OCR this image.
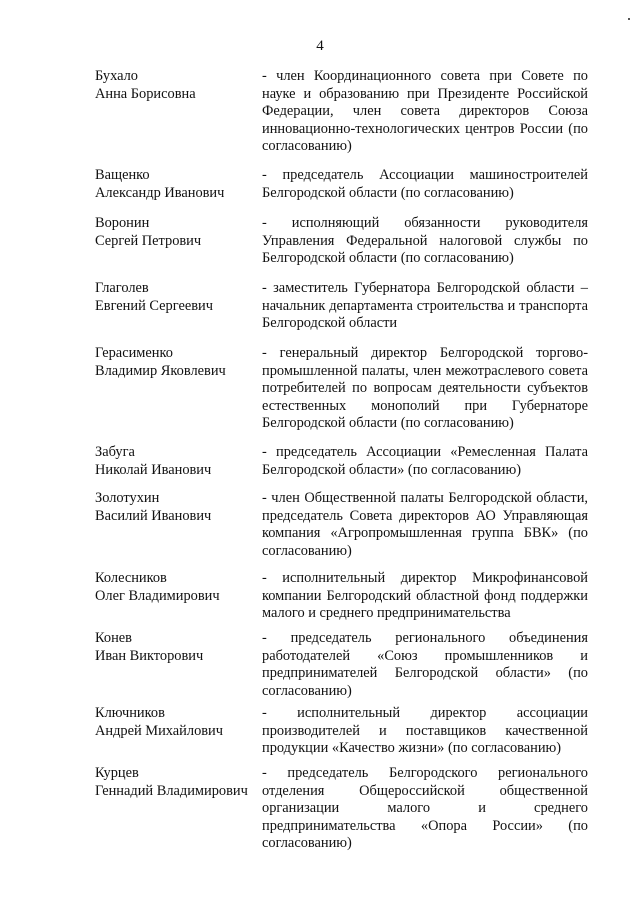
4
Бухало
Анна Борисовна
- член Координационного совета при Совете по науке и образованию при Президенте Российской Федерации, член совета директоров Союза инновационно-технологических центров России (по согласованию)
Ващенко
Александр Иванович
- председатель Ассоциации машиностроителей Белгородской области (по согласованию)
Воронин
Сергей Петрович
- исполняющий обязанности руководителя Управления Федеральной налоговой службы по Белгородской области (по согласованию)
Глаголев
Евгений Сергеевич
- заместитель Губернатора Белгородской области – начальник департамента строительства и транспорта Белгородской области
Герасименко
Владимир Яковлевич
- генеральный директор Белгородской торгово-промышленной палаты, член межотраслевого совета потребителей по вопросам деятельности субъектов естественных монополий при Губернаторе Белгородской области (по согласованию)
Забуга
Николай Иванович
- председатель Ассоциации «Ремесленная Палата Белгородской области» (по согласованию)
Золотухин
Василий Иванович
- член Общественной палаты Белгородской области, председатель Совета директоров АО Управляющая компания «Агропромышленная группа БВК» (по согласованию)
Колесников
Олег Владимирович
- исполнительный директор Микрофинансовой компании Белгородский областной фонд поддержки малого и среднего предпринимательства
Конев
Иван Викторович
- председатель регионального объединения работодателей «Союз промышленников и предпринимателей Белгородской области» (по согласованию)
Ключников
Андрей Михайлович
- исполнительный директор ассоциации производителей и поставщиков качественной продукции «Качество жизни» (по согласованию)
Курцев
Геннадий Владимирович
- председатель Белгородского регионального отделения Общероссийской общественной организации малого и среднего предпринимательства «Опора России» (по согласованию)
